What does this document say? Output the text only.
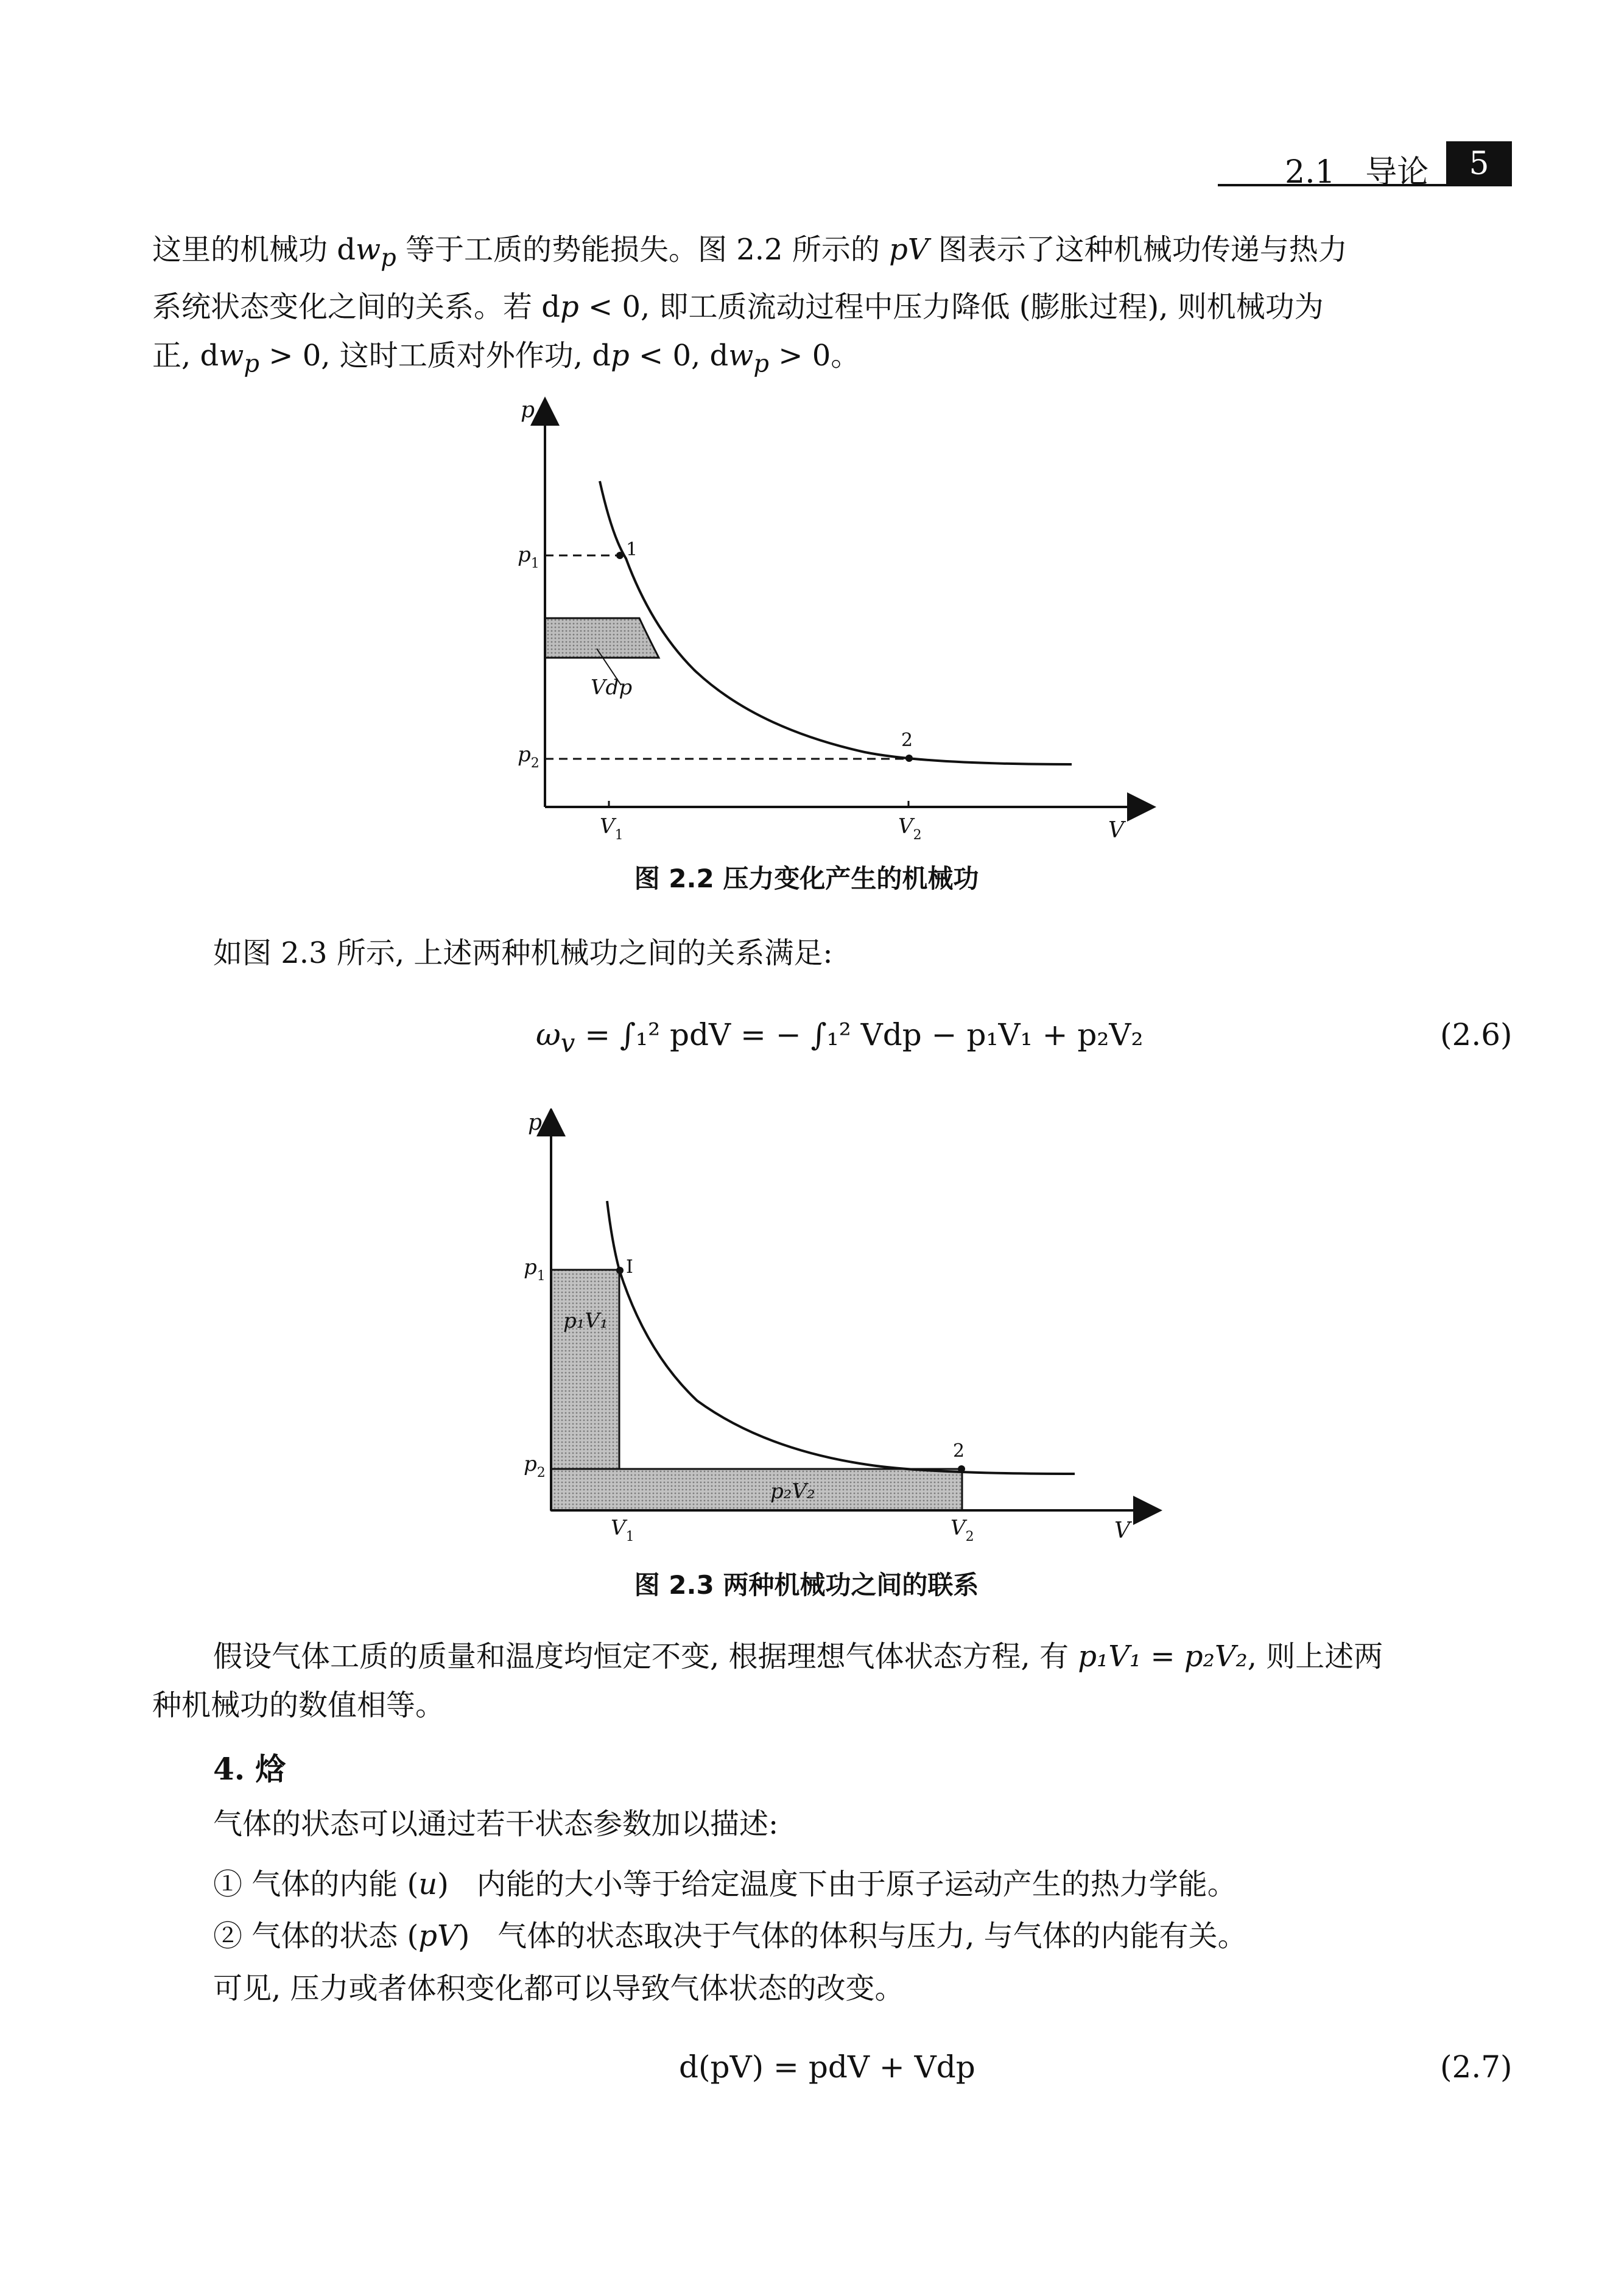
2.1 导论	5
这里的机械功 $dw_p$ 等于工质的势能损失。图 2.2 所示的 pV 图表示了这种机械功传递与热力
系统状态变化之间的关系。若 dp < 0, 即工质流动过程中压力降低 (膨胀过程), 则机械功为
正, $dw_p > 0$, 这时工质对外作功, dp < 0, $dw_p > 0$。
p
V
$p_1$
$p_2$
$V_1$	$V_2$
1
2
Vdp
图 2.2 压力变化产生的机械功
如图 2.3 所示, 上述两种机械功之间的关系满足:
$\omega_v = \int_1^2$ pdV = − ∫₁² Vdp − p₁V₁ + p₂V₂	(2.6)
p
V
$p_1$
$p_2$
$V_1$	$V_2$
I
2
p₁V₁
p₂V₂
图 2.3 两种机械功之间的联系
假设气体工质的质量和温度均恒定不变, 根据理想气体状态方程, 有 p₁V₁ = p₂V₂, 则上述两
种机械功的数值相等。
4. 焓
气体的状态可以通过若干状态参数加以描述:
① 气体的内能 (u) 内能的大小等于给定温度下由于原子运动产生的热力学能。
② 气体的状态 (pV) 气体的状态取决于气体的体积与压力, 与气体的内能有关。
可见, 压力或者体积变化都可以导致气体状态的改变。
d(pV) = pdV + Vdp	(2.7)
